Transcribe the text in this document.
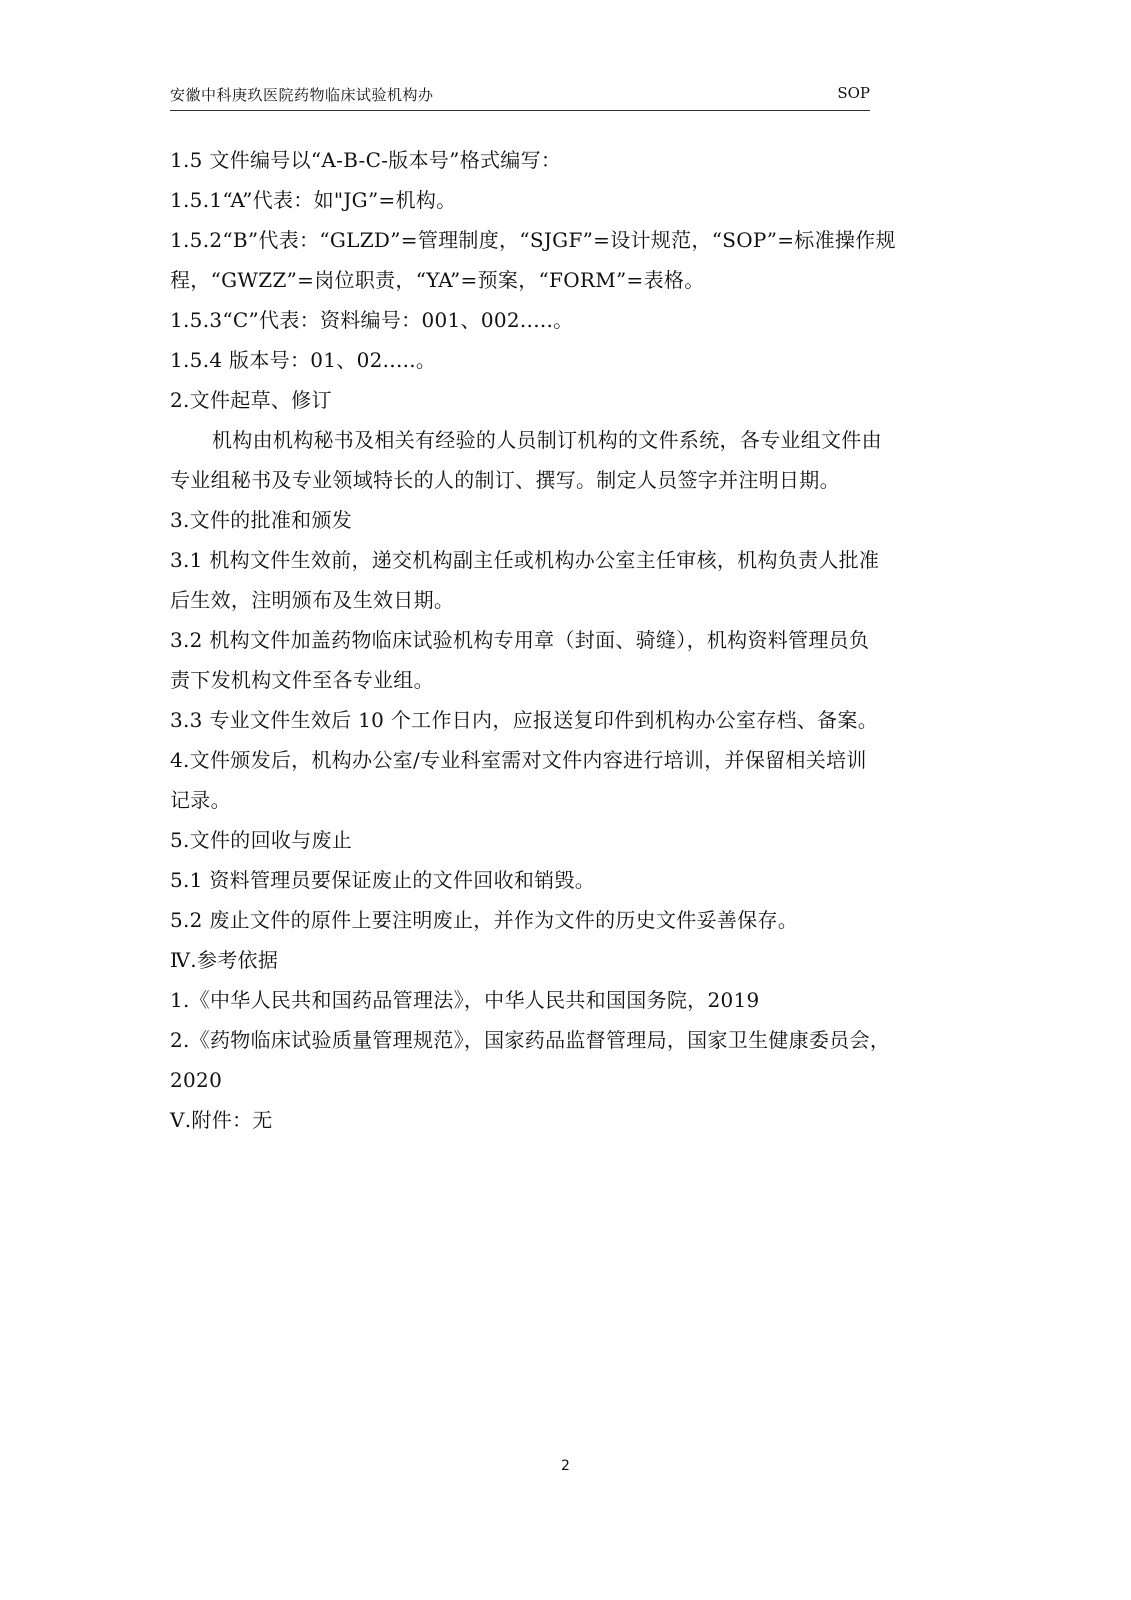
安徽中科庚玖医院药物临床试验机构办	SOP
1.5 文件编号以“A-B-C-版本号”格式编写：
1.5.1“A”代表：如"JG”=机构。
1.5.2“B”代表：“GLZD”=管理制度，“SJGF”=设计规范，“SOP”=标准操作规
程，“GWZZ”=岗位职责，“YA”=预案，“FORM”=表格。
1.5.3“C”代表：资料编号：001、002.....。
1.5.4 版本号：01、02.....。
2.文件起草、修订
机构由机构秘书及相关有经验的人员制订机构的文件系统，各专业组文件由
专业组秘书及专业领域特长的人的制订、撰写。制定人员签字并注明日期。
3.文件的批准和颁发
3.1 机构文件生效前，递交机构副主任或机构办公室主任审核，机构负责人批准
后生效，注明颁布及生效日期。
3.2 机构文件加盖药物临床试验机构专用章（封面、骑缝），机构资料管理员负
责下发机构文件至各专业组。
3.3 专业文件生效后 10 个工作日内，应报送复印件到机构办公室存档、备案。
4.文件颁发后，机构办公室/专业科室需对文件内容进行培训，并保留相关培训
记录。
5.文件的回收与废止
5.1 资料管理员要保证废止的文件回收和销毁。
5.2 废止文件的原件上要注明废止，并作为文件的历史文件妥善保存。
Ⅳ.参考依据
1.《中华人民共和国药品管理法》，中华人民共和国国务院，2019
2.《药物临床试验质量管理规范》，国家药品监督管理局，国家卫生健康委员会，
2020
Ⅴ.附件：无
2
